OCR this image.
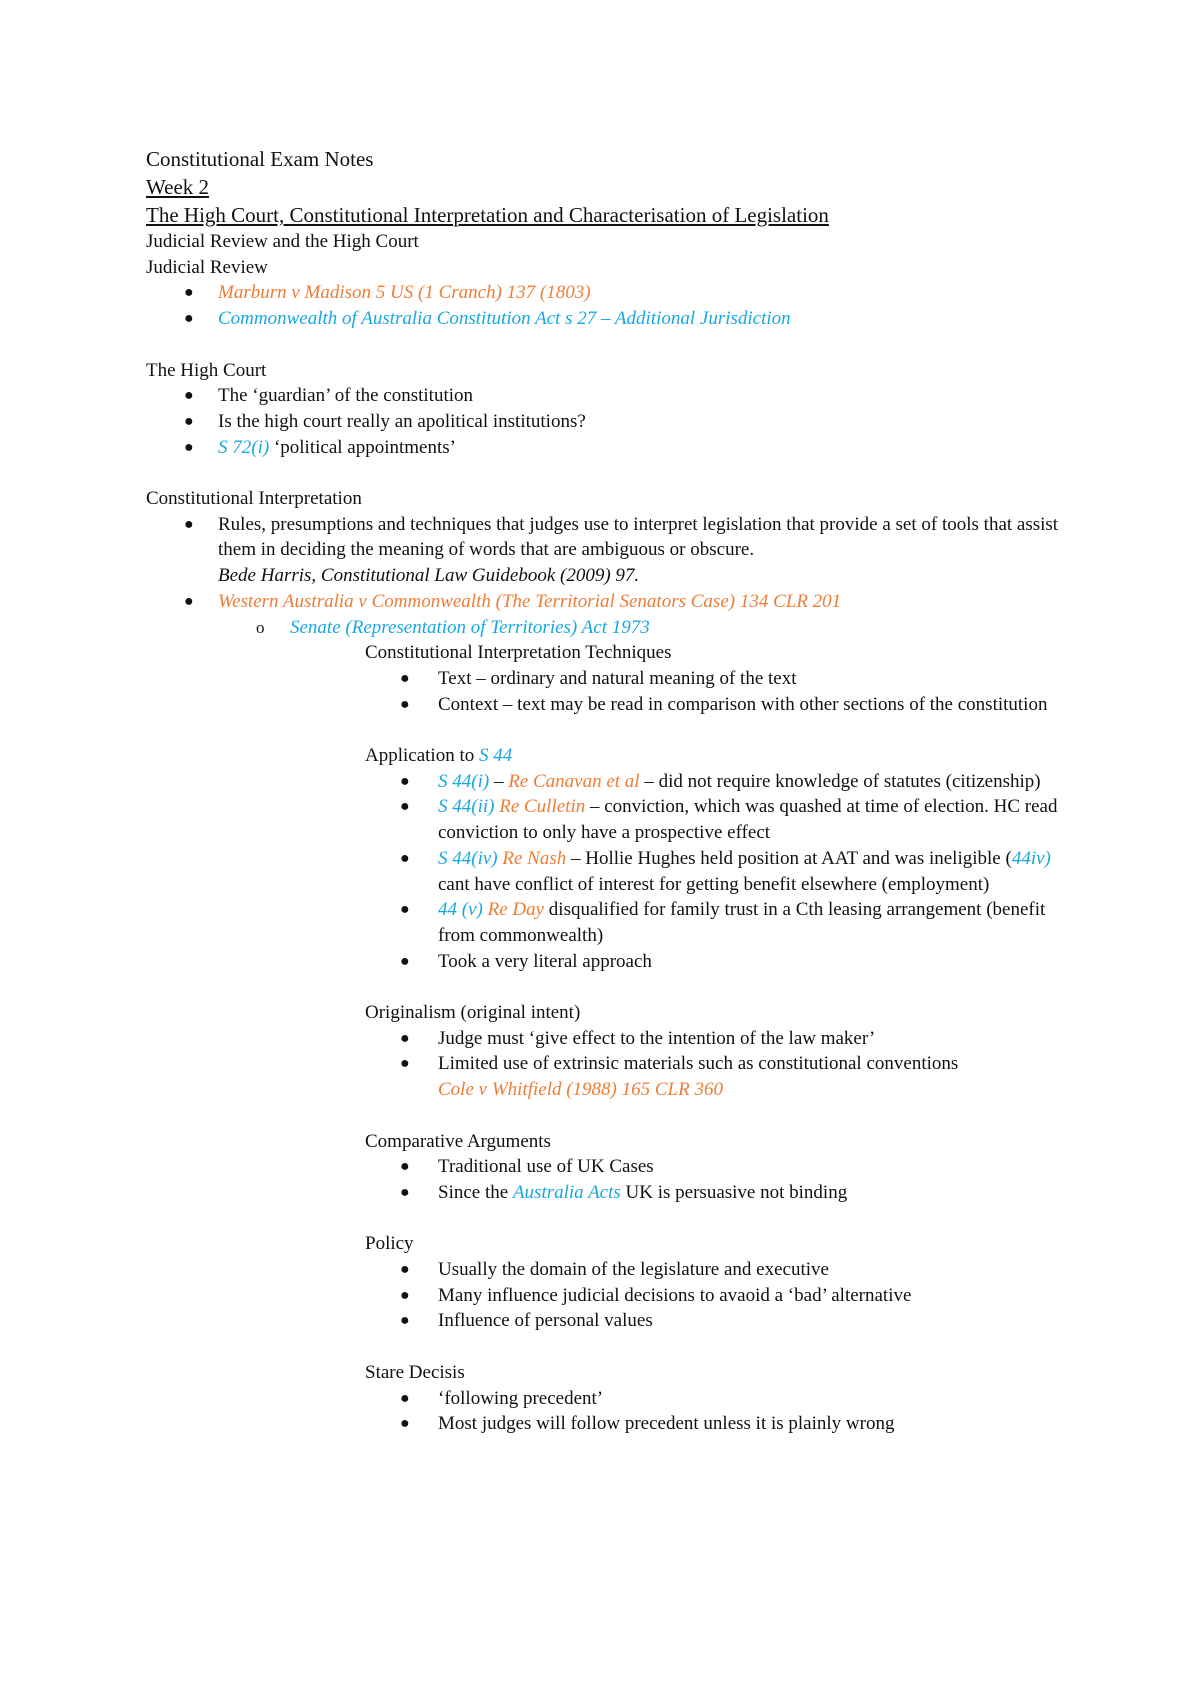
Constitutional Exam Notes
Week 2
The High Court, Constitutional Interpretation and Characterisation of Legislation
Judicial Review and the High Court
Judicial Review
● Marburn v Madison 5 US (1 Cranch) 137 (1803)
● Commonwealth of Australia Constitution Act s 27 – Additional Jurisdiction
The High Court
● The ‘guardian’ of the constitution
● Is the high court really an apolitical institutions?
● S 72(i) ‘political appointments’
Constitutional Interpretation
● Rules, presumptions and techniques that judges use to interpret legislation that provide a set of tools that assist them in deciding the meaning of words that are ambiguous or obscure.
Bede Harris, Constitutional Law Guidebook (2009) 97.
● Western Australia v Commonwealth (The Territorial Senators Case) 134 CLR 201
o Senate (Representation of Territories) Act 1973
Constitutional Interpretation Techniques
● Text – ordinary and natural meaning of the text
● Context – text may be read in comparison with other sections of the constitution
Application to S 44
● S 44(i) – Re Canavan et al – did not require knowledge of statutes (citizenship)
● S 44(ii) Re Culletin – conviction, which was quashed at time of election. HC read conviction to only have a prospective effect
● S 44(iv) Re Nash – Hollie Hughes held position at AAT and was ineligible (44iv) cant have conflict of interest for getting benefit elsewhere (employment)
● 44 (v) Re Day disqualified for family trust in a Cth leasing arrangement (benefit from commonwealth)
● Took a very literal approach
Originalism (original intent)
● Judge must ‘give effect to the intention of the law maker’
● Limited use of extrinsic materials such as constitutional conventions
Cole v Whitfield (1988) 165 CLR 360
Comparative Arguments
● Traditional use of UK Cases
● Since the Australia Acts UK is persuasive not binding
Policy
● Usually the domain of the legislature and executive
● Many influence judicial decisions to avaoid a ‘bad’ alternative
● Influence of personal values
Stare Decisis
● ‘following precedent’
● Most judges will follow precedent unless it is plainly wrong
